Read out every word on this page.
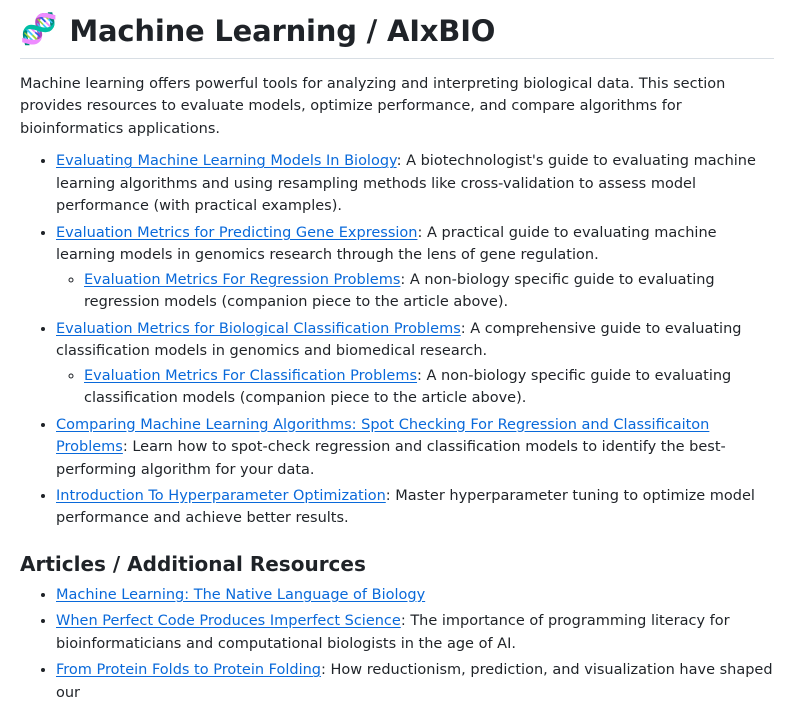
🧬 Machine Learning / AIxBIO

Machine learning offers powerful tools for analyzing and interpreting biological data. This section provides resources to evaluate models, optimize performance, and compare algorithms for bioinformatics applications.

• Evaluating Machine Learning Models In Biology: A biotechnologist's guide to evaluating machine learning algorithms and using resampling methods like cross-validation to assess model performance (with practical examples).
• Evaluation Metrics for Predicting Gene Expression: A practical guide to evaluating machine learning models in genomics research through the lens of gene regulation.
◦ Evaluation Metrics For Regression Problems: A non-biology specific guide to evaluating regression models (companion piece to the article above).
• Evaluation Metrics for Biological Classification Problems: A comprehensive guide to evaluating classification models in genomics and biomedical research.
◦ Evaluation Metrics For Classification Problems: A non-biology specific guide to evaluating classification models (companion piece to the article above).
• Comparing Machine Learning Algorithms: Spot Checking For Regression and Classificaiton Problems: Learn how to spot-check regression and classification models to identify the best-performing algorithm for your data.
• Introduction To Hyperparameter Optimization: Master hyperparameter tuning to optimize model performance and achieve better results.
Articles / Additional Resources
• Machine Learning: The Native Language of Biology
• When Perfect Code Produces Imperfect Science: The importance of programming literacy for bioinformaticians and computational biologists in the age of AI.
• From Protein Folds to Protein Folding: How reductionism, prediction, and visualization have shaped our
